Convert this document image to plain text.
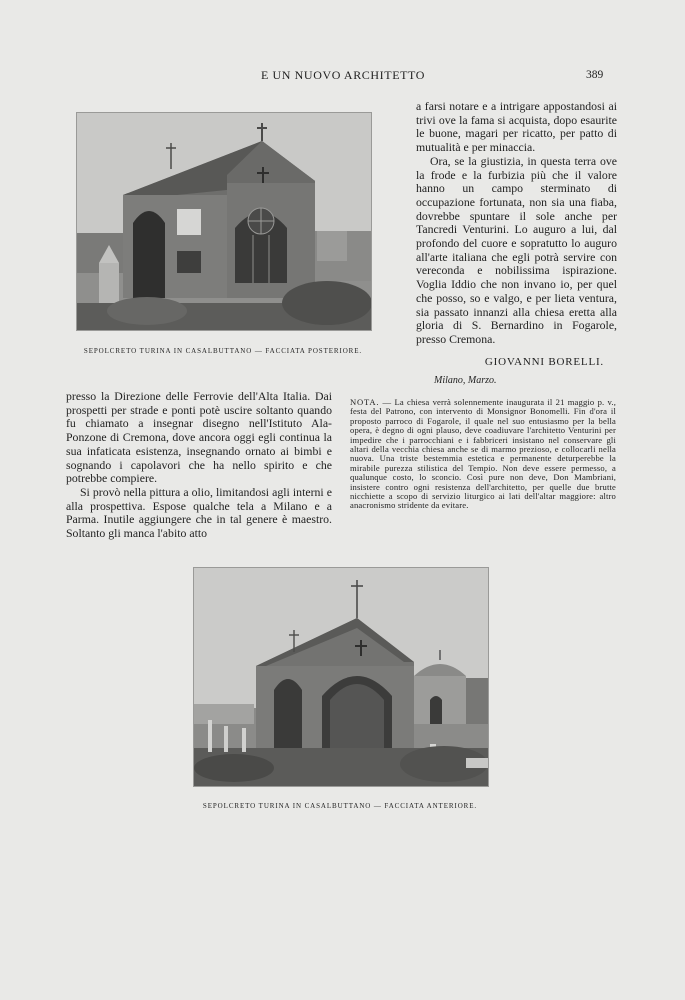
E UN NUOVO ARCHITETTO	389
SEPOLCRETO TURINA IN CASALBUTTANO — FACCIATA POSTERIORE.

a farsi notare e a intrigare appostandosi ai trivi ove la fama si acquista, dopo esaurite le buone, magari per ricatto, per patto di mutualità e per minaccia.

Ora, se la giustizia, in questa terra ove la frode e la furbizia più che il valore hanno un campo sterminato di occupazione fortunata, non sia una fiaba, dovrebbe spuntare il sole anche per Tancredi Venturini. Lo auguro a lui, dal profondo del cuore e sopratutto lo auguro all'arte italiana che egli potrà servire con vereconda e nobilissima ispirazione. Voglia Iddio che non invano io, per quel che posso, so e valgo, e per lieta ventura, sia passato innanzi alla chiesa eretta alla gloria di S. Bernardino in Fogarole, presso Cremona.

GIOVANNI BORELLI.
Milano, Marzo.

presso la Direzione delle Ferrovie dell'Alta Italia. Dai prospetti per strade e ponti potè uscire soltanto quando fu chiamato a insegnar disegno nell'Istituto Ala-Ponzone di Cremona, dove ancora oggi egli continua la sua infaticata esistenza, insegnando ornato ai bimbi e sognando i capolavori che ha nello spirito e che potrebbe compiere.

Si provò nella pittura a olio, limitandosi agli interni e alla prospettiva. Espose qualche tela a Milano e a Parma. Inutile aggiungere che in tal genere è maestro. Soltanto gli manca l'abito atto

NOTA. — La chiesa verrà solennemente inaugurata il 21 maggio p. v., festa del Patrono, con intervento di Monsignor Bonomelli. Fin d'ora il proposto parroco di Fogarole, il quale nel suo entusiasmo per la bella opera, è degno di ogni plauso, deve coadiuvare l'architetto Venturini per impedire che i parrocchiani e i fabbriceri insistano nel conservare gli altari della vecchia chiesa anche se di marmo prezioso, e collocarli nella nuova. Una triste bestemmia estetica e permanente deturperebbe la mirabile purezza stilistica del Tempio. Non deve essere permesso, a qualunque costo, lo sconcio. Così pure non deve, Don Mambriani, insistere contro ogni resistenza dell'architetto, per quelle due brutte nicchiette a scopo di servizio liturgico ai lati dell'altar maggiore: altro anacronismo stridente da evitare.
SEPOLCRETO TURINA IN CASALBUTTANO — FACCIATA ANTERIORE.
